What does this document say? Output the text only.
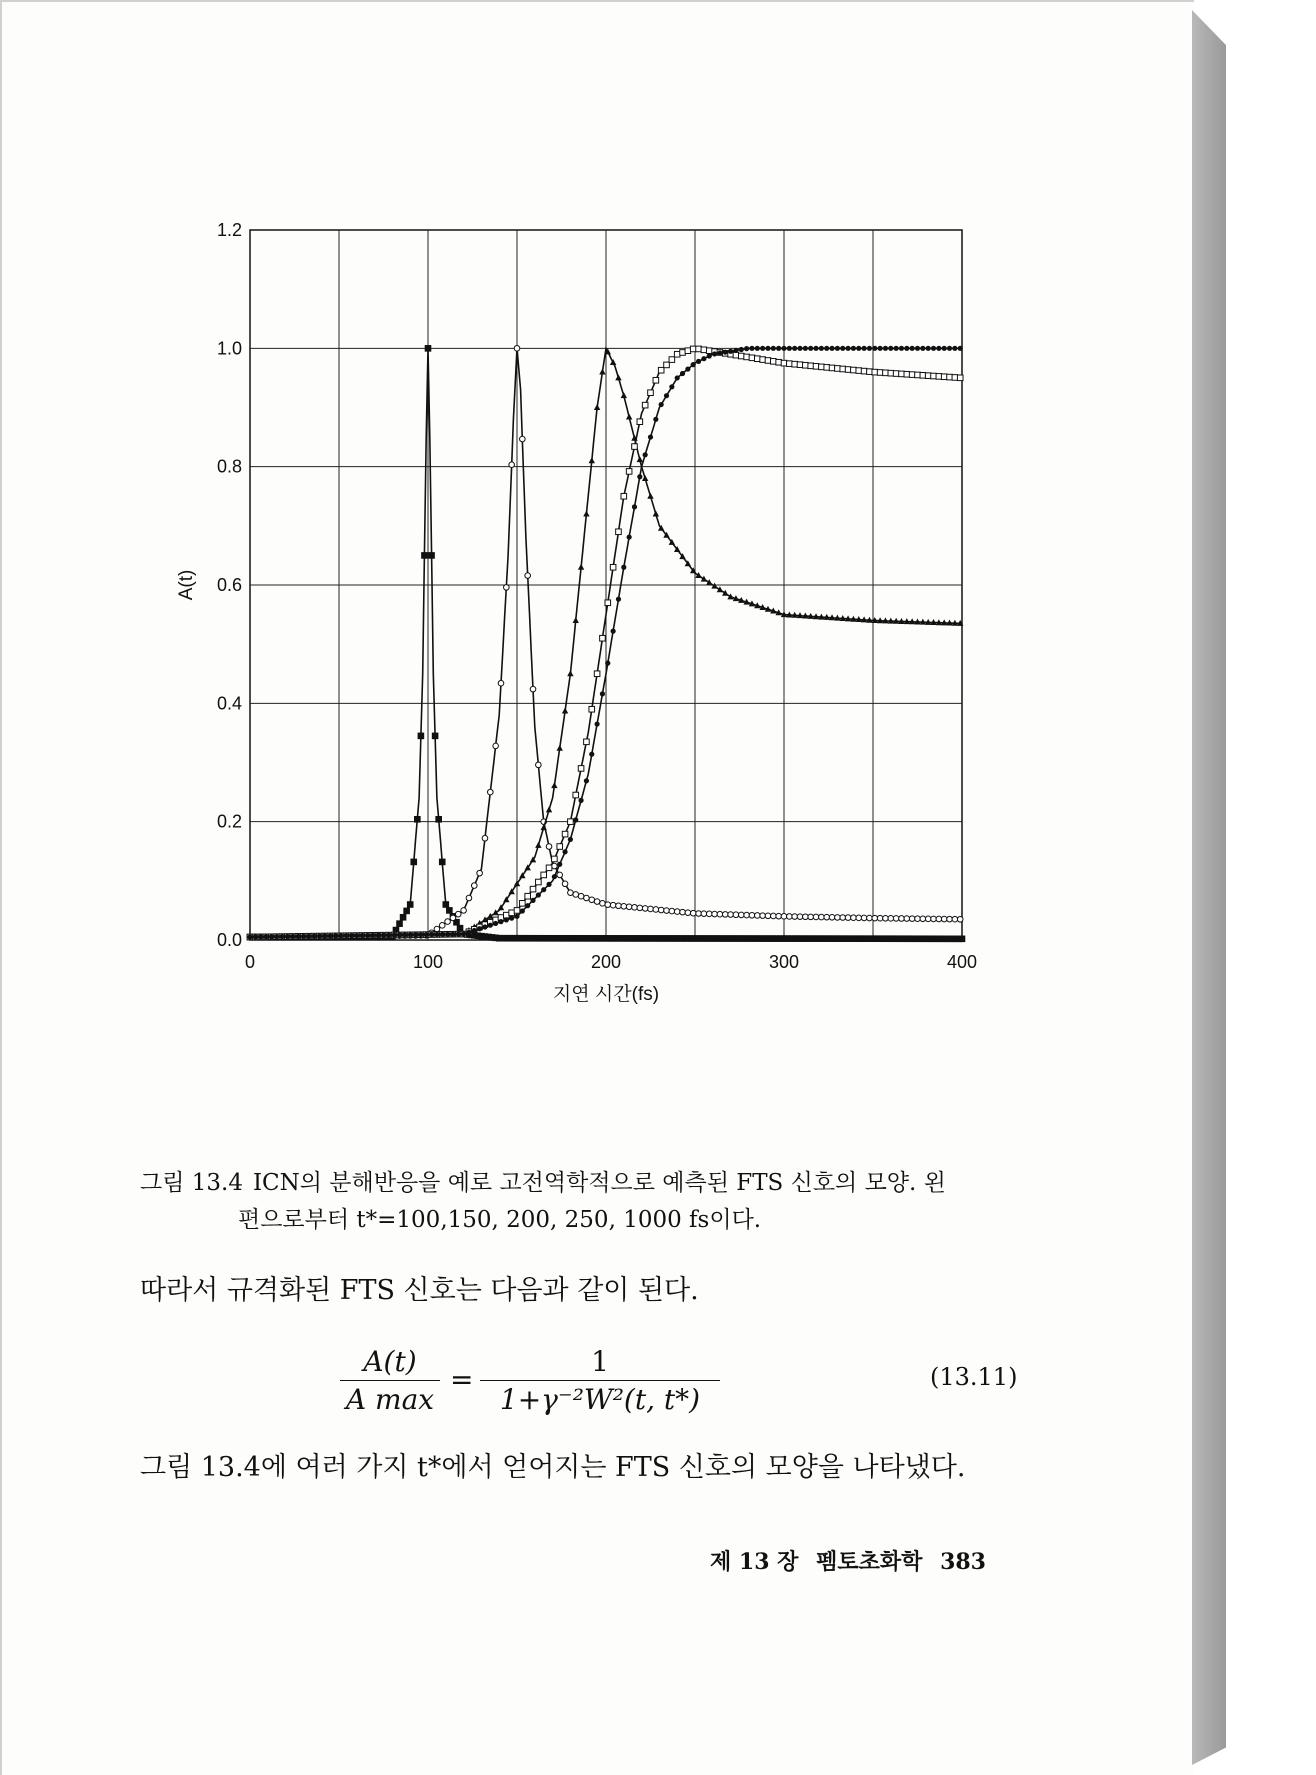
0	100	200	300	400
0.0
0.2
0.4
0.6
0.8
1.0
1.2
지연 시간(fs)
A(t)
그림 13.4 ICN의 분해반응을 예로 고전역학적으로 예측된 FTS 신호의 모양. 왼
편으로부터 t*=100,150, 200, 250, 1000 fs이다.
따라서 규격화된 FTS 신호는 다음과 같이 된다.
A(t)
A max
=
1
1+γ⁻²W²(t, t*)
(13.11)
그림 13.4에 여러 가지 t*에서 얻어지는 FTS 신호의 모양을 나타냈다.
제 13 장 펨토초화학 383
